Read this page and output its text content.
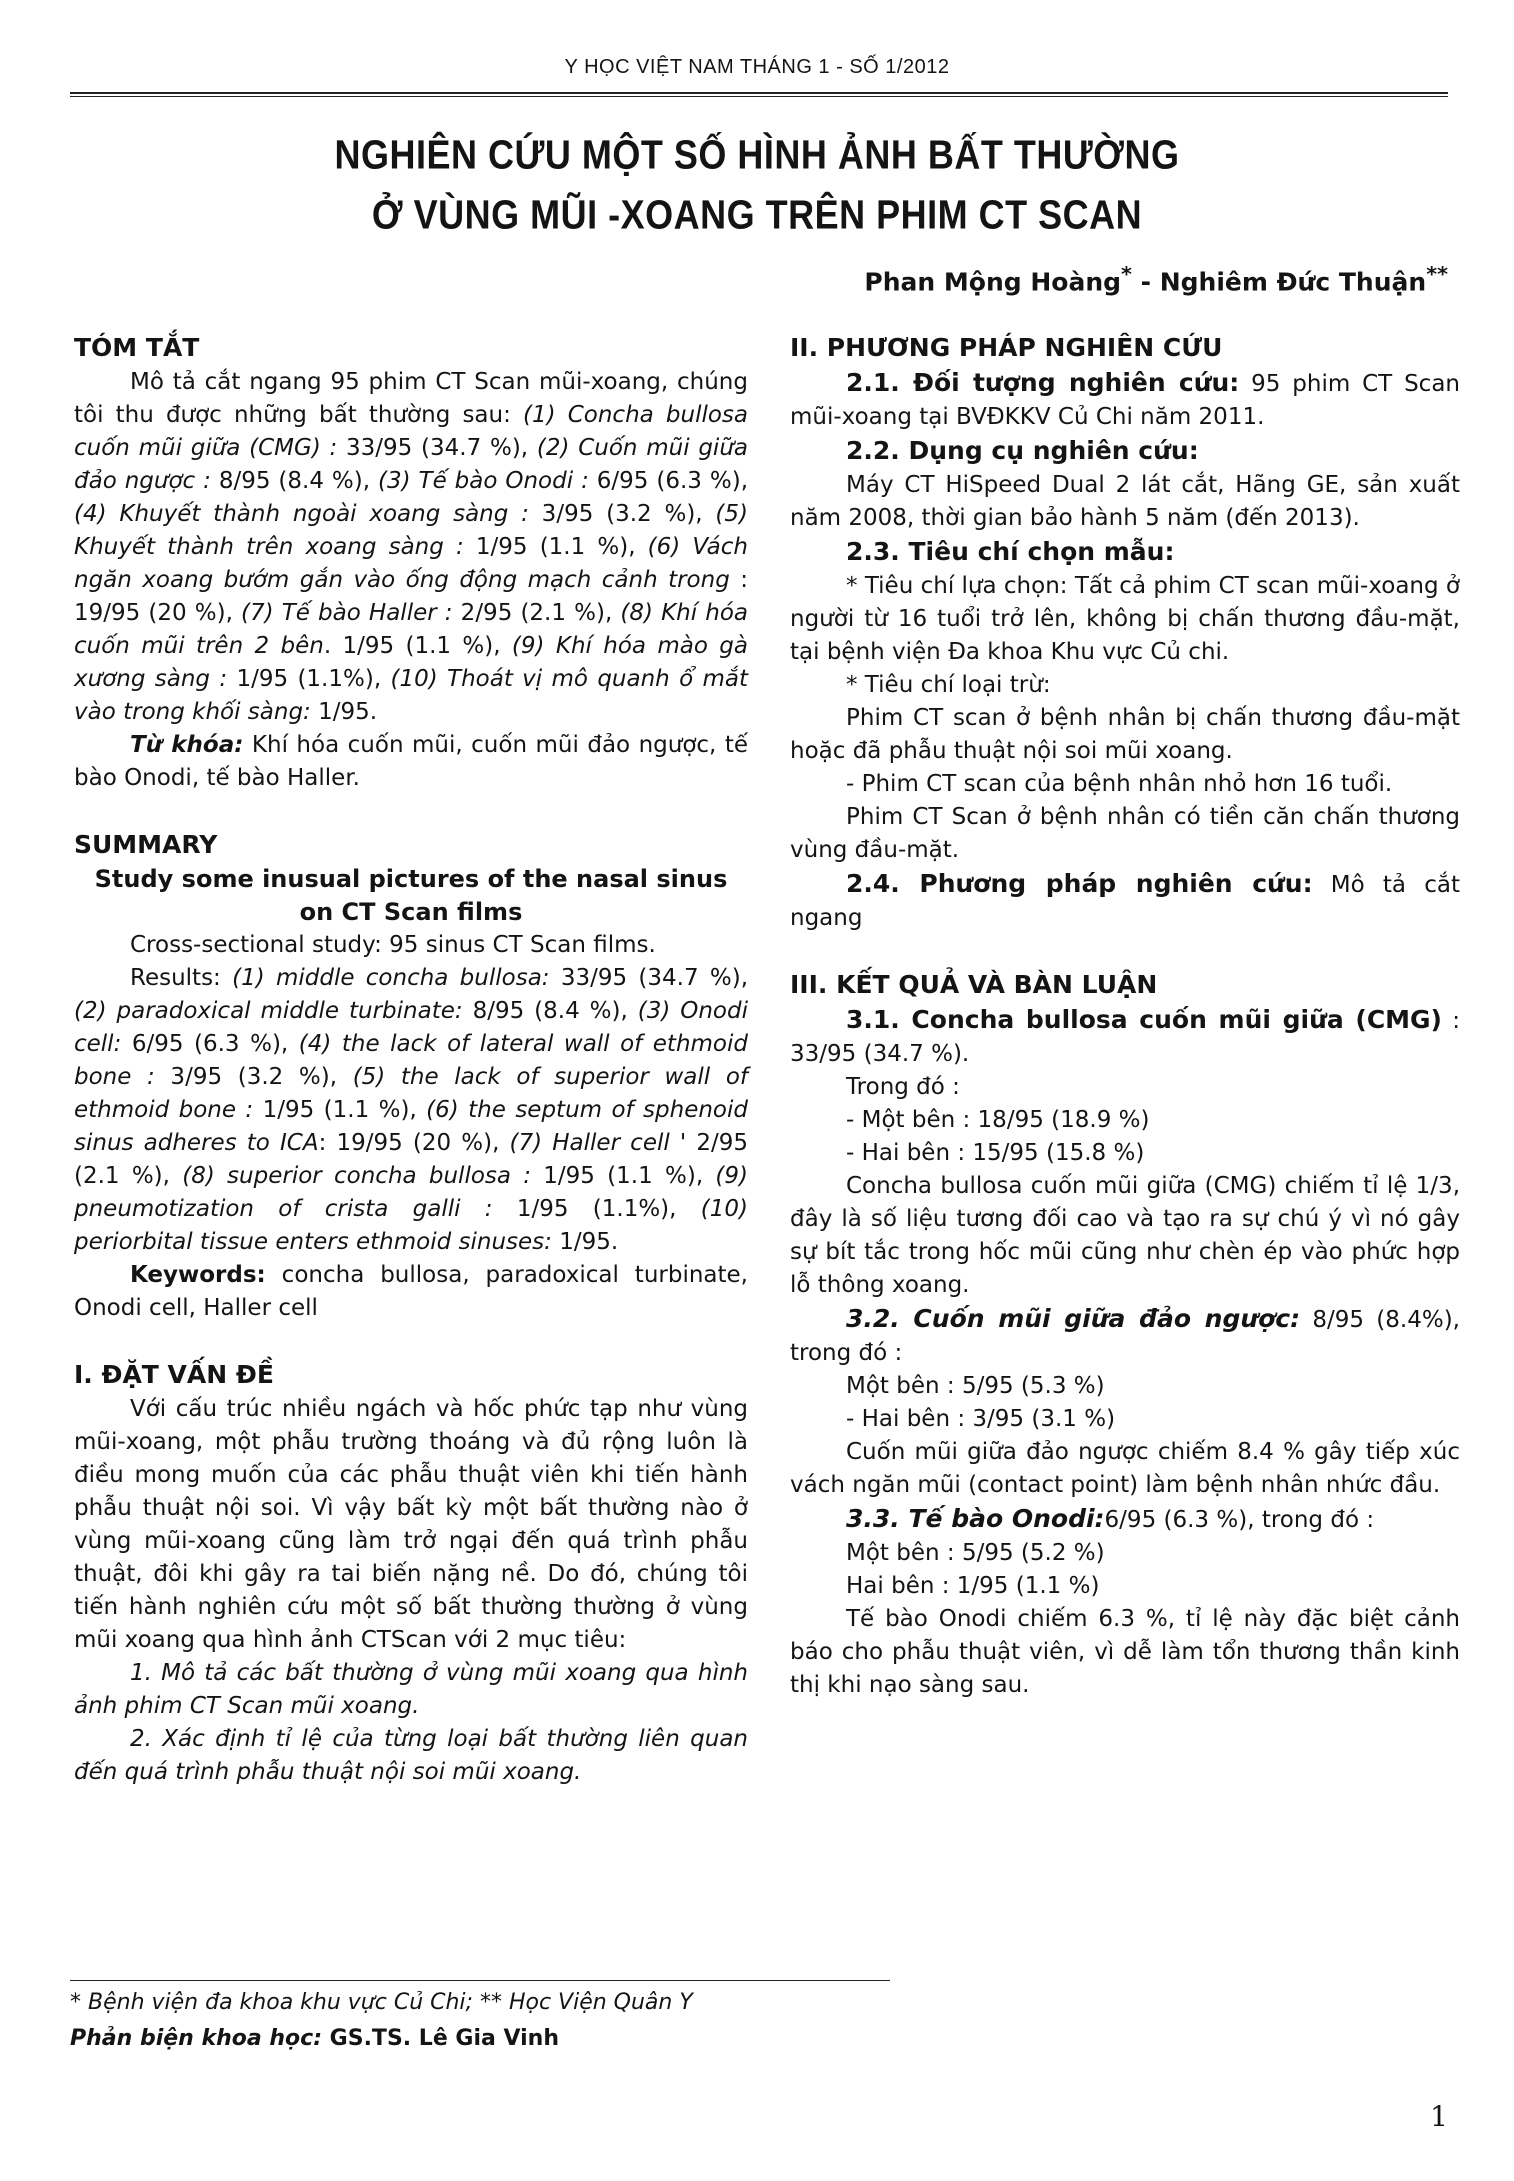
Y HỌC VIỆT NAM THÁNG 1 - SỐ 1/2012
NGHIÊN CỨU MỘT SỐ HÌNH ẢNH BẤT THƯỜNG
Ở VÙNG MŨI -XOANG TRÊN PHIM CT SCAN
Phan Mộng Hoàng* - Nghiêm Đức Thuận**
TÓM TẮT

Mô tả cắt ngang 95 phim CT Scan mũi-xoang, chúng tôi thu được những bất thường sau: (1) Concha bullosa cuốn mũi giữa (CMG) : 33/95 (34.7 %), (2) Cuốn mũi giữa đảo ngược : 8/95 (8.4 %), (3) Tế bào Onodi : 6/95 (6.3 %), (4) Khuyết thành ngoài xoang sàng : 3/95 (3.2 %), (5) Khuyết thành trên xoang sàng : 1/95 (1.1 %), (6) Vách ngăn xoang bướm gắn vào ống động mạch cảnh trong : 19/95 (20 %), (7) Tế bào Haller : 2/95 (2.1 %), (8) Khí hóa cuốn mũi trên 2 bên. 1/95 (1.1 %), (9) Khí hóa mào gà xương sàng : 1/95 (1.1%), (10) Thoát vị mô quanh ổ mắt vào trong khối sàng: 1/95.

Từ khóa: Khí hóa cuốn mũi, cuốn mũi đảo ngược, tế bào Onodi, tế bào Haller.

SUMMARY
Study some inusual pictures of the nasal sinus on CT Scan films

Cross-sectional study: 95 sinus CT Scan films.

Results: (1) middle concha bullosa: 33/95 (34.7 %), (2) paradoxical middle turbinate: 8/95 (8.4 %), (3) Onodi cell: 6/95 (6.3 %), (4) the lack of lateral wall of ethmoid bone : 3/95 (3.2 %), (5) the lack of superior wall of ethmoid bone : 1/95 (1.1 %), (6) the septum of sphenoid sinus adheres to ICA: 19/95 (20 %), (7) Haller cell ' 2/95 (2.1 %), (8) superior concha bullosa : 1/95 (1.1 %), (9) pneumotization of crista galli : 1/95 (1.1%), (10) periorbital tissue enters ethmoid sinuses: 1/95.

Keywords: concha bullosa, paradoxical turbinate, Onodi cell, Haller cell

I. ĐẶT VẤN ĐỀ

Với cấu trúc nhiều ngách và hốc phức tạp như vùng mũi-xoang, một phẫu trường thoáng và đủ rộng luôn là điều mong muốn của các phẫu thuật viên khi tiến hành phẫu thuật nội soi. Vì vậy bất kỳ một bất thường nào ở vùng mũi-xoang cũng làm trở ngại đến quá trình phẫu thuật, đôi khi gây ra tai biến nặng nề. Do đó, chúng tôi tiến hành nghiên cứu một số bất thường thường ở vùng mũi xoang qua hình ảnh CTScan với 2 mục tiêu:

1. Mô tả các bất thường ở vùng mũi xoang qua hình ảnh phim CT Scan mũi xoang.

2. Xác định tỉ lệ của từng loại bất thường liên quan đến quá trình phẫu thuật nội soi mũi xoang.

II. PHƯƠNG PHÁP NGHIÊN CỨU

2.1. Đối tượng nghiên cứu: 95 phim CT Scan mũi-xoang tại BVĐKKV Củ Chi năm 2011.

2.2. Dụng cụ nghiên cứu:

Máy CT HiSpeed Dual 2 lát cắt, Hãng GE, sản xuất năm 2008, thời gian bảo hành 5 năm (đến 2013).

2.3. Tiêu chí chọn mẫu:

* Tiêu chí lựa chọn: Tất cả phim CT scan mũi-xoang ở người từ 16 tuổi trở lên, không bị chấn thương đầu-mặt, tại bệnh viện Đa khoa Khu vực Củ chi.

* Tiêu chí loại trừ:

Phim CT scan ở bệnh nhân bị chấn thương đầu-mặt hoặc đã phẫu thuật nội soi mũi xoang.

- Phim CT scan của bệnh nhân nhỏ hơn 16 tuổi.

Phim CT Scan ở bệnh nhân có tiền căn chấn thương vùng đầu-mặt.

2.4. Phương pháp nghiên cứu: Mô tả cắt ngang

III. KẾT QUẢ VÀ BÀN LUẬN

3.1. Concha bullosa cuốn mũi giữa (CMG) : 33/95 (34.7 %).

Trong đó :

- Một bên : 18/95 (18.9 %)

- Hai bên : 15/95 (15.8 %)

Concha bullosa cuốn mũi giữa (CMG) chiếm tỉ lệ 1/3, đây là số liệu tương đối cao và tạo ra sự chú ý vì nó gây sự bít tắc trong hốc mũi cũng như chèn ép vào phức hợp lỗ thông xoang.

3.2. Cuốn mũi giữa đảo ngược: 8/95 (8.4%), trong đó :

Một bên : 5/95 (5.3 %)

- Hai bên : 3/95 (3.1 %)

Cuốn mũi giữa đảo ngược chiếm 8.4 % gây tiếp xúc vách ngăn mũi (contact point) làm bệnh nhân nhức đầu.

3.3. Tế bào Onodi:6/95 (6.3 %), trong đó :

Một bên : 5/95 (5.2 %)

Hai bên : 1/95 (1.1 %)

Tế bào Onodi chiếm 6.3 %, tỉ lệ này đặc biệt cảnh báo cho phẫu thuật viên, vì dễ làm tổn thương thần kinh thị khi nạo sàng sau.

* Bệnh viện đa khoa khu vực Củ Chi; ** Học Viện Quân Y
Phản biện khoa học: GS.TS. Lê Gia Vinh
1
